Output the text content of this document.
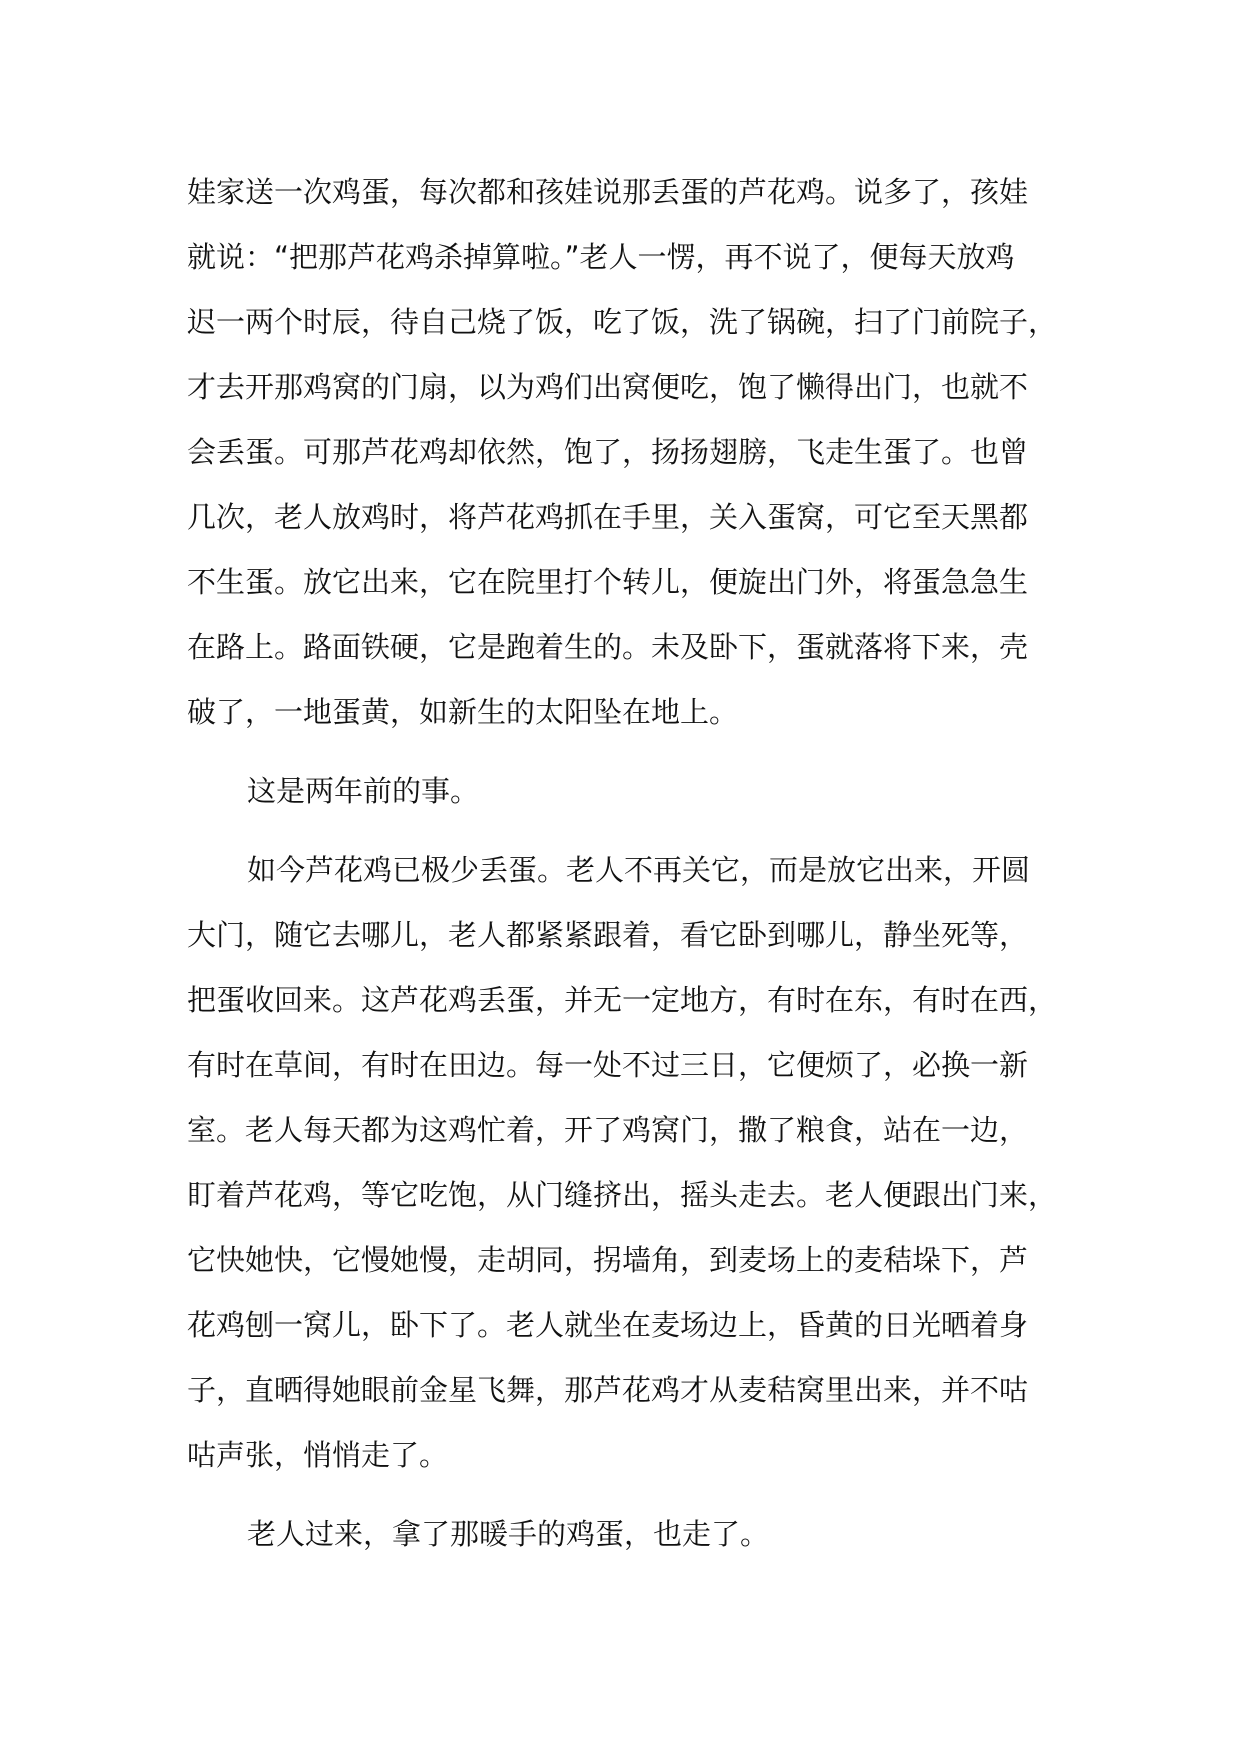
娃家送一次鸡蛋，每次都和孩娃说那丢蛋的芦花鸡。说多了，孩娃
就说：“把那芦花鸡杀掉算啦。”老人一愣，再不说了，便每天放鸡
迟一两个时辰，待自己烧了饭，吃了饭，洗了锅碗，扫了门前院子，
才去开那鸡窝的门扇，以为鸡们出窝便吃，饱了懒得出门，也就不
会丢蛋。可那芦花鸡却依然，饱了，扬扬翅膀，飞走生蛋了。也曾
几次，老人放鸡时，将芦花鸡抓在手里，关入蛋窝，可它至天黑都
不生蛋。放它出来，它在院里打个转儿，便旋出门外，将蛋急急生
在路上。路面铁硬，它是跑着生的。未及卧下，蛋就落将下来，壳
破了，一地蛋黄，如新生的太阳坠在地上。

这是两年前的事。

如今芦花鸡已极少丢蛋。老人不再关它，而是放它出来，开圆

大门，随它去哪儿，老人都紧紧跟着，看它卧到哪儿，静坐死等，
把蛋收回来。这芦花鸡丢蛋，并无一定地方，有时在东，有时在西，
有时在草间，有时在田边。每一处不过三日，它便烦了，必换一新
室。老人每天都为这鸡忙着，开了鸡窝门，撒了粮食，站在一边，
盯着芦花鸡，等它吃饱，从门缝挤出，摇头走去。老人便跟出门来，
它快她快，它慢她慢，走胡同，拐墙角，到麦场上的麦秸垛下，芦
花鸡刨一窝儿，卧下了。老人就坐在麦场边上，昏黄的日光晒着身
子，直晒得她眼前金星飞舞，那芦花鸡才从麦秸窝里出来，并不咕
咕声张，悄悄走了。

老人过来，拿了那暖手的鸡蛋，也走了。
